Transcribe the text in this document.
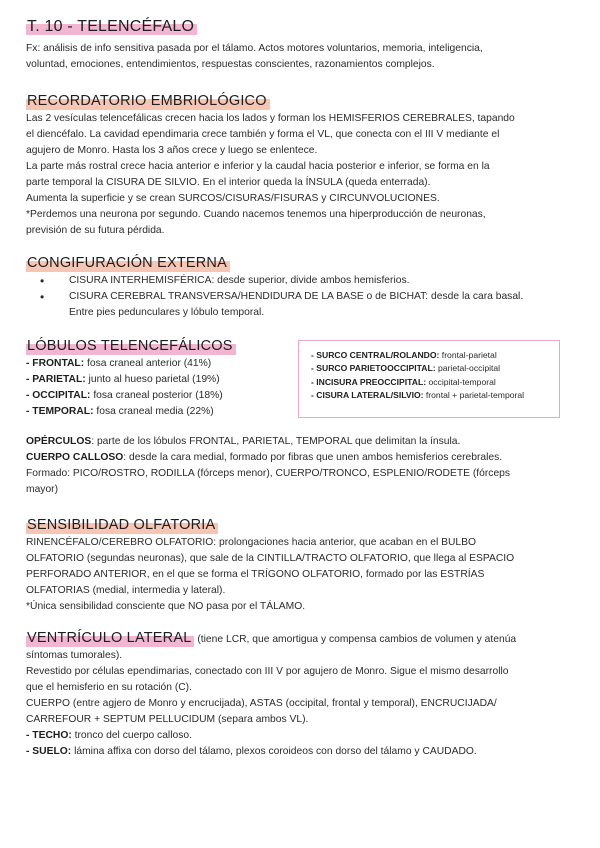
T. 10 - TELENCÉFALO

Fx: análisis de info sensitiva pasada por el tálamo. Actos motores voluntarios, memoria, inteligencia,

voluntad, emociones, entendimientos, respuestas conscientes, razonamientos complejos.

RECORDATORIO EMBRIOLÓGICO

Las 2 vesículas telencefálicas crecen hacia los lados y forman los HEMISFERIOS CEREBRALES, tapando

el diencéfalo. La cavidad ependimaria crece también y forma el VL, que conecta con el III V mediante el

agujero de Monro. Hasta los 3 años crece y luego se enlentece.

La parte más rostral crece hacia anterior e inferior y la caudal hacia posterior e inferior, se forma en la

parte temporal la CISURA DE SILVIO. En el interior queda la ÍNSULA (queda enterrada).

Aumenta la superficie y se crean SURCOS/CISURAS/FISURAS y CIRCUNVOLUCIONES.

*Perdemos una neurona por segundo. Cuando nacemos tenemos una hiperproducción de neuronas,

previsión de su futura pérdida.

CONGIFURACIÓN EXTERNA
• CISURA INTERHEMISFÉRICA: desde superior, divide ambos hemisferios.
• CISURA CEREBRAL TRANSVERSA/HENDIDURA DE LA BASE o de BICHAT: desde la cara basal.
Entre pies pedunculares y lóbulo temporal.
LÓBULOS TELENCEFÁLICOS

- FRONTAL: fosa craneal anterior (41%)

- PARIETAL: junto al hueso parietal (19%)

- OCCIPITAL: fosa craneal posterior (18%)

- TEMPORAL: fosa craneal media (22%)

- SURCO CENTRAL/ROLANDO: frontal-parietal
- SURCO PARIETOOCCIPITAL: parietal-occipital
- INCISURA PREOCCIPITAL: occipital-temporal
- CISURA LATERAL/SILVIO: frontal + parietal-temporal

OPÉRCULOS: parte de los lóbulos FRONTAL, PARIETAL, TEMPORAL que delimitan la ínsula.

CUERPO CALLOSO: desde la cara medial, formado por fibras que unen ambos hemisferios cerebrales.

Formado: PICO/ROSTRO, RODILLA (fórceps menor), CUERPO/TRONCO, ESPLENIO/RODETE (fórceps

mayor)

SENSIBILIDAD OLFATORIA

RINENCÉFALO/CEREBRO OLFATORIO: prolongaciones hacia anterior, que acaban en el BULBO

OLFATORIO (segundas neuronas), que sale de la CINTILLA/TRACTO OLFATORIO, que llega al ESPACIO

PERFORADO ANTERIOR, en el que se forma el TRÍGONO OLFATORIO, formado por las ESTRÍAS

OLFATORIAS (medial, intermedia y lateral).

*Única sensibilidad consciente que NO pasa por el TÁLAMO.

VENTRÍCULO LATERAL (tiene LCR, que amortigua y compensa cambios de volumen y atenúa

síntomas tumorales).

Revestido por células ependimarias, conectado con III V por agujero de Monro. Sigue el mismo desarrollo

que el hemisferio en su rotación (C).

CUERPO (entre agjero de Monro y encrucijada), ASTAS (occipital, frontal y temporal), ENCRUCIJADA/

CARREFOUR + SEPTUM PELLUCIDUM (separa ambos VL).

- TECHO: tronco del cuerpo calloso.

- SUELO: lámina affixa con dorso del tálamo, plexos coroideos con dorso del tálamo y CAUDADO.
